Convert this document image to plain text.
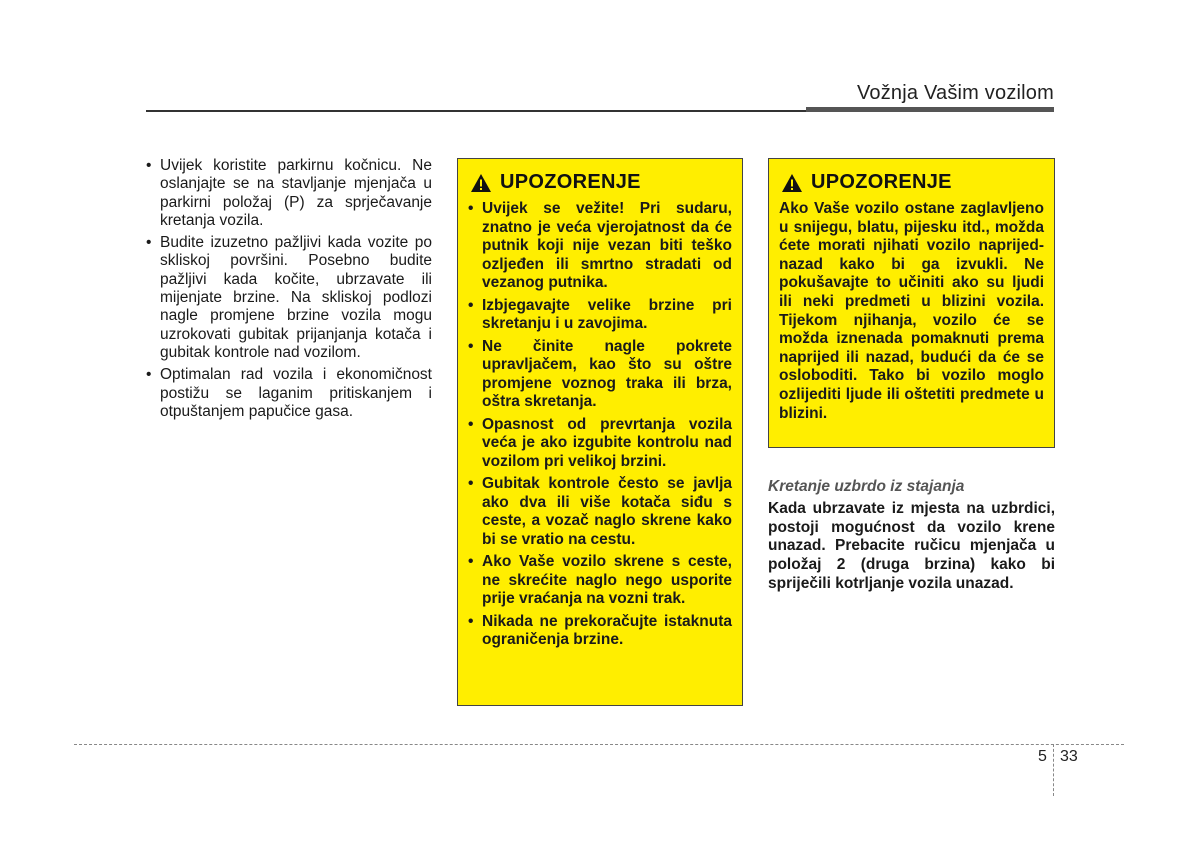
Vožnja Vašim vozilom
• Uvijek koristite parkirnu kočnicu. Ne oslanjajte se na stavljanje mjenjača u parkirni položaj (P) za sprječavanje kretanja vozila.
• Budite izuzetno pažljivi kada vozite po skliskoj površini. Posebno budite pažljivi kada kočite, ubrzavate ili mijenjate brzine. Na skliskoj podlozi nagle promjene brzine vozila mogu uzrokovati gubitak prijanjanja kotača i gubitak kontrole nad vozilom.
• Optimalan rad vozila i ekonomičnost postižu se laganim pritiskanjem i otpuštanjem papučice gasa.
UPOZORENJE
• Uvijek se vežite! Pri sudaru, znatno je veća vjerojatnost da će putnik koji nije vezan biti teško ozljeđen ili smrtno stradati od vezanog putnika.
• Izbjegavajte velike brzine pri skretanju i u zavojima.
• Ne činite nagle pokrete upravljačem, kao što su oštre promjene voznog traka ili brza, oštra skretanja.
• Opasnost od prevrtanja vozila veća je ako izgubite kontrolu nad vozilom pri velikoj brzini.
• Gubitak kontrole često se javlja ako dva ili više kotača siđu s ceste, a vozač naglo skrene kako bi se vratio na cestu.
• Ako Vaše vozilo skrene s ceste, ne skrećite naglo nego usporite prije vraćanja na vozni trak.
• Nikada ne prekoračujte istaknuta ograničenja brzine.
UPOZORENJE

Ako Vaše vozilo ostane zaglavljeno u snijegu, blatu, pijesku itd., možda ćete morati njihati vozilo naprijed-nazad kako bi ga izvukli. Ne pokušavajte to učiniti ako su ljudi ili neki predmeti u blizini vozila. Tijekom njihanja, vozilo će se možda iznenada pomaknuti prema naprijed ili nazad, budući da će se osloboditi. Tako bi vozilo moglo ozlijediti ljude ili oštetiti predmete u blizini.

Kretanje uzbrdo iz stajanja

Kada ubrzavate iz mjesta na uzbrdici, postoji mogućnost da vozilo krene unazad. Prebacite ručicu mjenjača u položaj 2 (druga brzina) kako bi spriječili kotrljanje vozila unazad.

5 33
